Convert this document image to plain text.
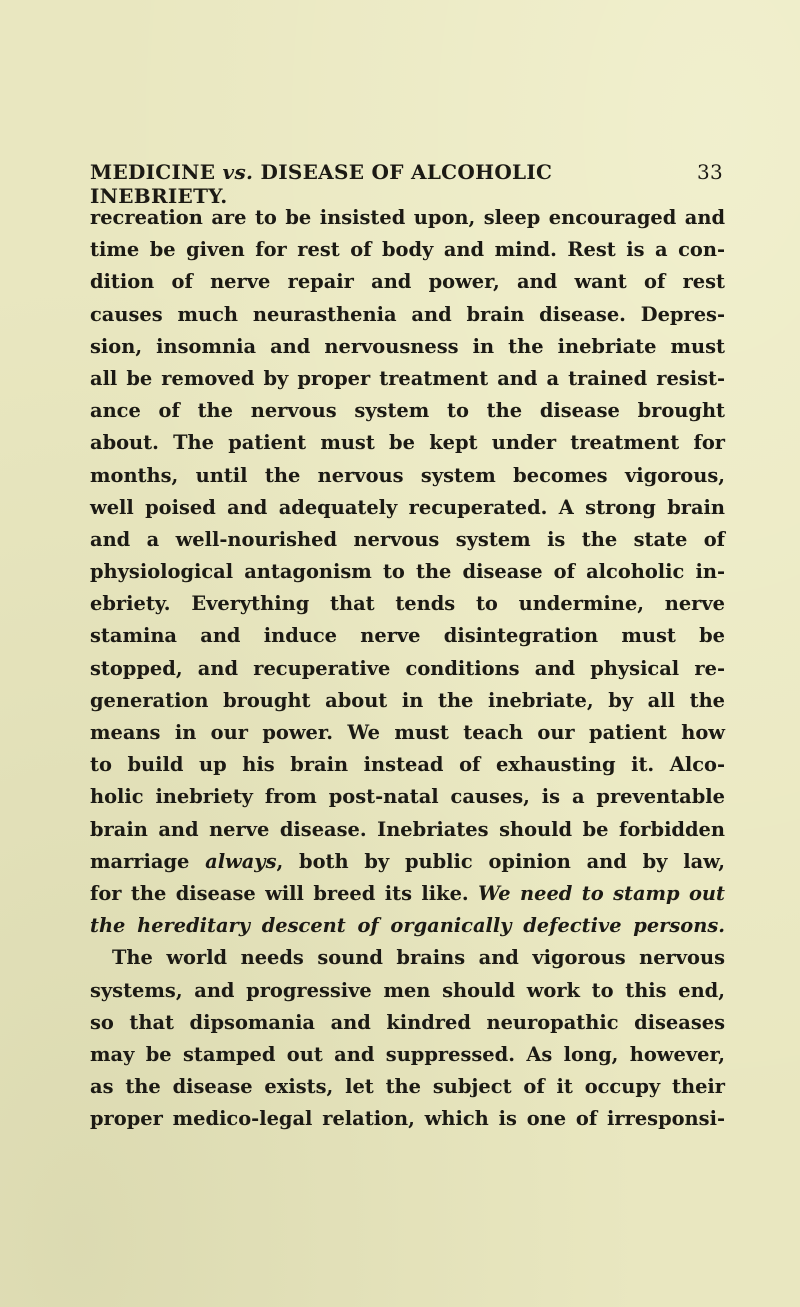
MEDICINE vs. DISEASE OF ALCOHOLIC INEBRIETY.
33
recreation are to be insisted upon, sleep encouraged and
time be given for rest of body and mind. Rest is a con-
dition of nerve repair and power, and want of rest
causes much neurasthenia and brain disease. Depres-
sion, insomnia and nervousness in the inebriate must
all be removed by proper treatment and a trained resist-
ance of the nervous system to the disease brought
about. The patient must be kept under treatment for
months, until the nervous system becomes vigorous,
well poised and adequately recuperated. A strong brain
and a well-nourished nervous system is the state of
physiological antagonism to the disease of alcoholic in-
ebriety. Everything that tends to undermine, nerve
stamina and induce nerve disintegration must be
stopped, and recuperative conditions and physical re-
generation brought about in the inebriate, by all the
means in our power. We must teach our patient how
to build up his brain instead of exhausting it. Alco-
holic inebriety from post-natal causes, is a preventable
brain and nerve disease. Inebriates should be forbidden
marriage always, both by public opinion and by law,
for the disease will breed its like. We need to stamp out
the hereditary descent of organically defective persons.
The world needs sound brains and vigorous nervous
systems, and progressive men should work to this end,
so that dipsomania and kindred neuropathic diseases
may be stamped out and suppressed. As long, however,
as the disease exists, let the subject of it occupy their
proper medico-legal relation, which is one of irresponsi-
